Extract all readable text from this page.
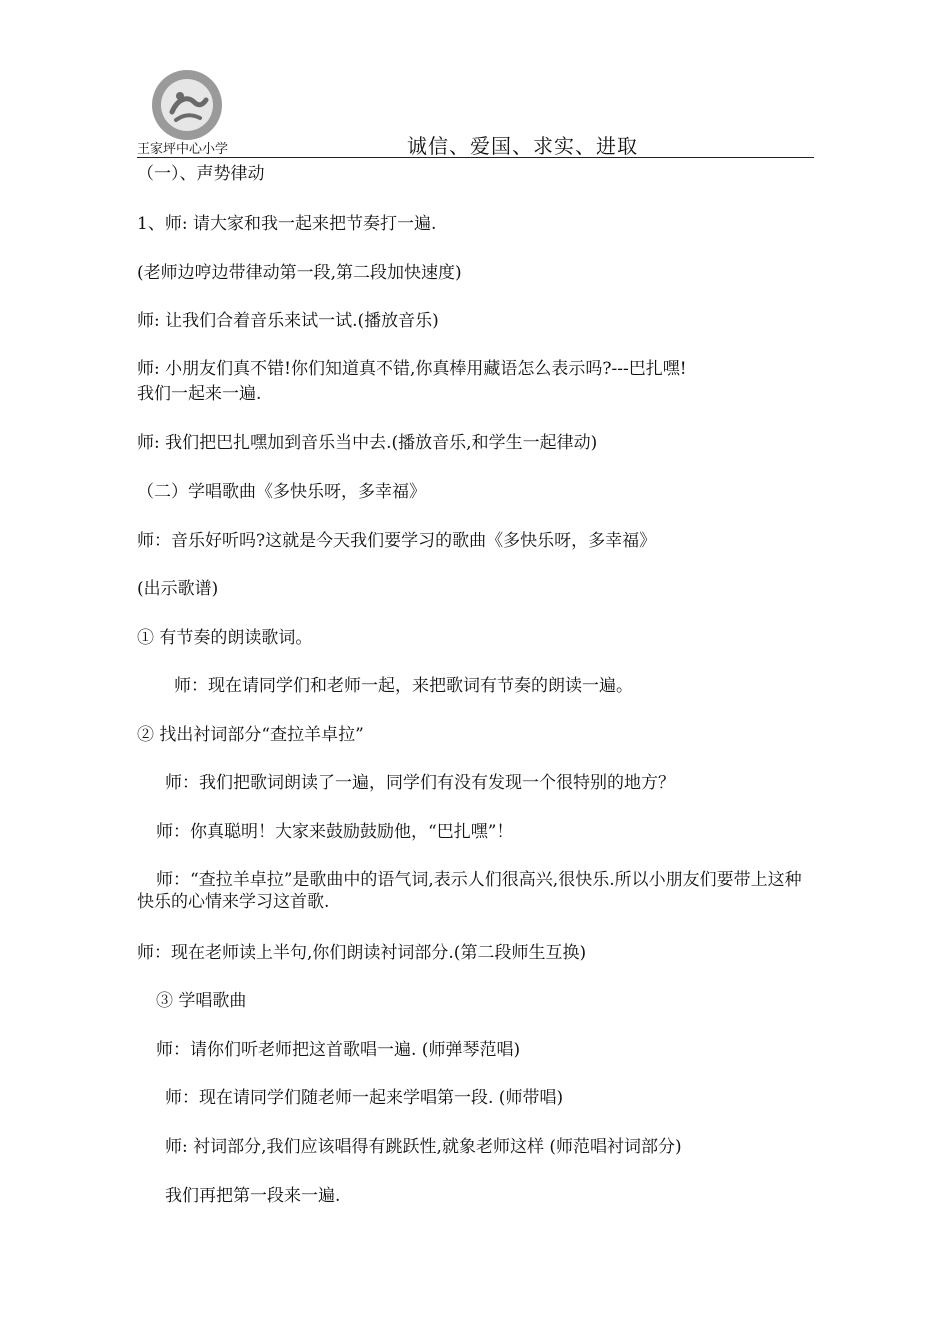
王家坪中心小学	诚信、爱国、求实、进取
（一）、声势律动
1、师: 请大家和我一起来把节奏打一遍.
(老师边哼边带律动第一段,第二段加快速度)
师: 让我们合着音乐来试一试.(播放音乐)
师: 小朋友们真不错!你们知道真不错,你真棒用藏语怎么表示吗?---巴扎嘿!
我们一起来一遍.
师: 我们把巴扎嘿加到音乐当中去.(播放音乐,和学生一起律动)
（二）学唱歌曲《多快乐呀，多幸福》
师：音乐好听吗?这就是今天我们要学习的歌曲《多快乐呀，多幸福》
(出示歌谱)
① 有节奏的朗读歌词。
师：现在请同学们和老师一起，来把歌词有节奏的朗读一遍。
② 找出衬词部分“查拉羊卓拉”
师：我们把歌词朗读了一遍，同学们有没有发现一个很特别的地方？
师：你真聪明！大家来鼓励鼓励他，“巴扎嘿”！
师：“查拉羊卓拉”是歌曲中的语气词,表示人们很高兴,很快乐.所以小朋友们要带上这种快乐的心情来学习这首歌.
师：现在老师读上半句,你们朗读衬词部分.(第二段师生互换)
③ 学唱歌曲
师：请你们听老师把这首歌唱一遍. (师弹琴范唱)
师：现在请同学们随老师一起来学唱第一段. (师带唱)
师: 衬词部分,我们应该唱得有跳跃性,就象老师这样 (师范唱衬词部分)
我们再把第一段来一遍.
